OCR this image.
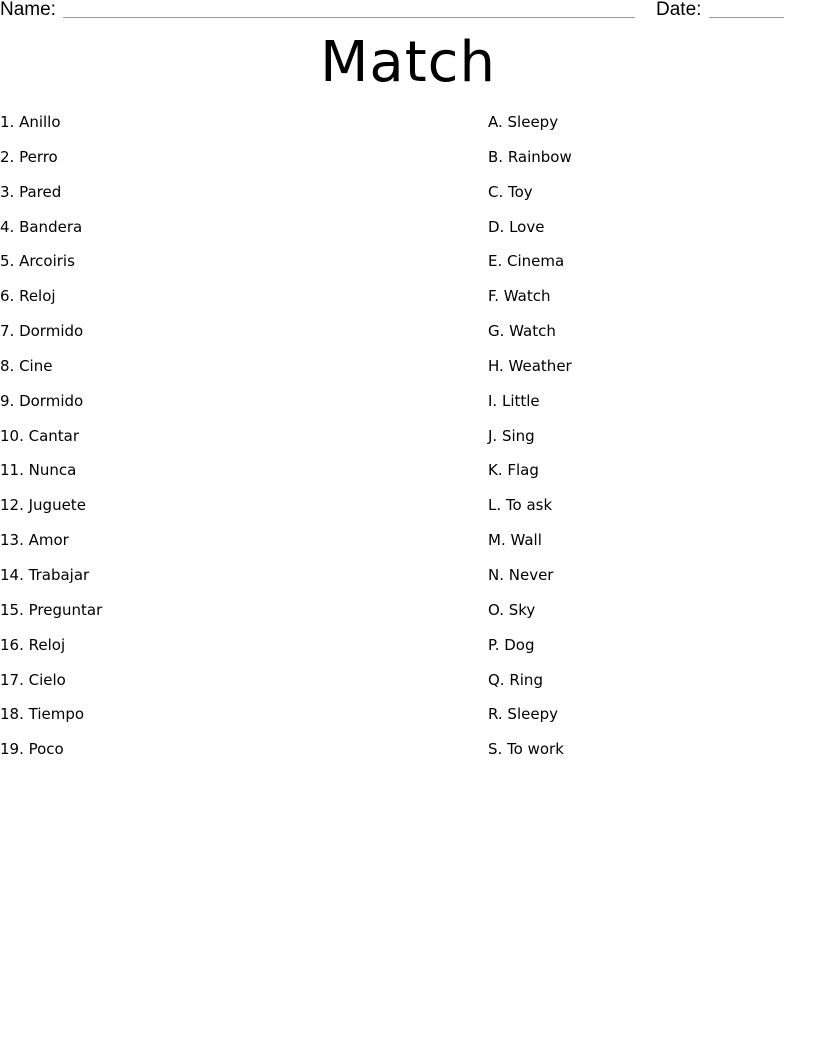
Name:	Date:
Match
1. Anillo
2. Perro
3. Pared
4. Bandera
5. Arcoiris
6. Reloj
7. Dormido
8. Cine
9. Dormido
10. Cantar
11. Nunca
12. Juguete
13. Amor
14. Trabajar
15. Preguntar
16. Reloj
17. Cielo
18. Tiempo
19. Poco
A. Sleepy
B. Rainbow
C. Toy
D. Love
E. Cinema
F. Watch
G. Watch
H. Weather
I. Little
J. Sing
K. Flag
L. To ask
M. Wall
N. Never
O. Sky
P. Dog
Q. Ring
R. Sleepy
S. To work
